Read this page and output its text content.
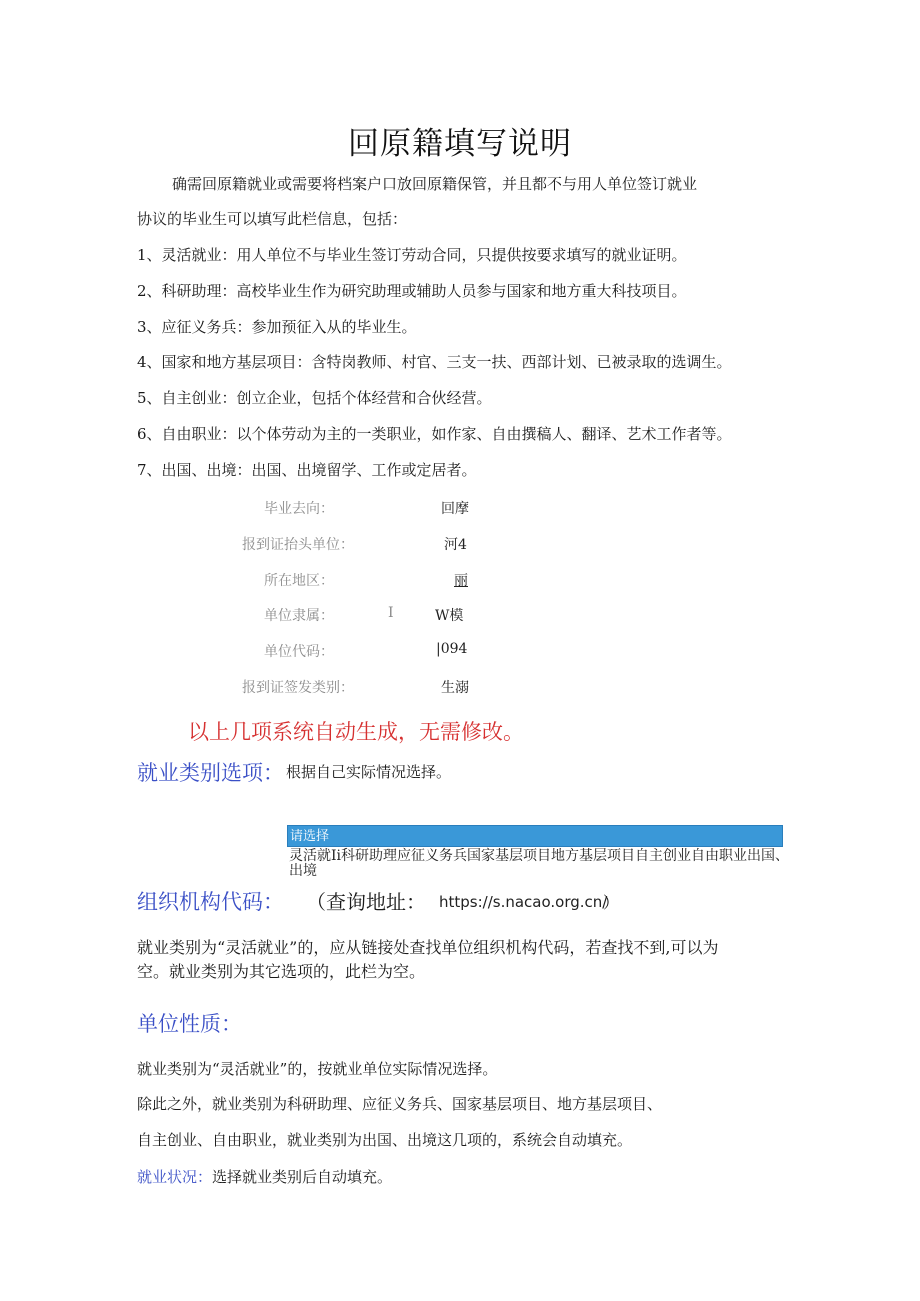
回原籍填写说明
确需回原籍就业或需要将档案户口放回原籍保管，并且都不与用人单位签订就业
协议的毕业生可以填写此栏信息，包括：
1、灵活就业：用人单位不与毕业生签订劳动合同，只提供按要求填写的就业证明。
2、科研助理：高校毕业生作为研究助理或辅助人员参与国家和地方重大科技项目。
3、应征义务兵：参加预征入从的毕业生。
4、国家和地方基层项目：含特岗教师、村官、三支一扶、西部计划、已被录取的选调生。
5、自主创业：创立企业，包括个体经营和合伙经营。
6、自由职业：以个体劳动为主的一类职业，如作家、自由撰稿人、翻译、艺术工作者等。
7、出国、出境：出国、出境留学、工作或定居者。
毕业去向：	回摩
报到证抬头单位：	河4
所在地区：	丽
单位隶属：	I	W模
单位代码：	|094
报到证签发类别：	生溺
以上几项系统自动生成，无需修改。
就业类别选项： 根据自己实际情况选择。
请选择
灵活就Ii科研助理应征义务兵国家基层项目地方基层项目自主创业自由职业出国、出境
组织机构代码： （查询地址： https://s.nacao.org.cn/
）
就业类别为“灵活就业”的，应从链接处查找单位组织机构代码，若查找不到,可以为
空。就业类别为其它选项的，此栏为空。
单位性质：
就业类别为“灵活就业”的，按就业单位实际情况选择。
除此之外，就业类别为科研助理、应征义务兵、国家基层项目、地方基层项目、
自主创业、自由职业，就业类别为出国、出境这几项的，系统会自动填充。
就业状况： 选择就业类别后自动填充。
